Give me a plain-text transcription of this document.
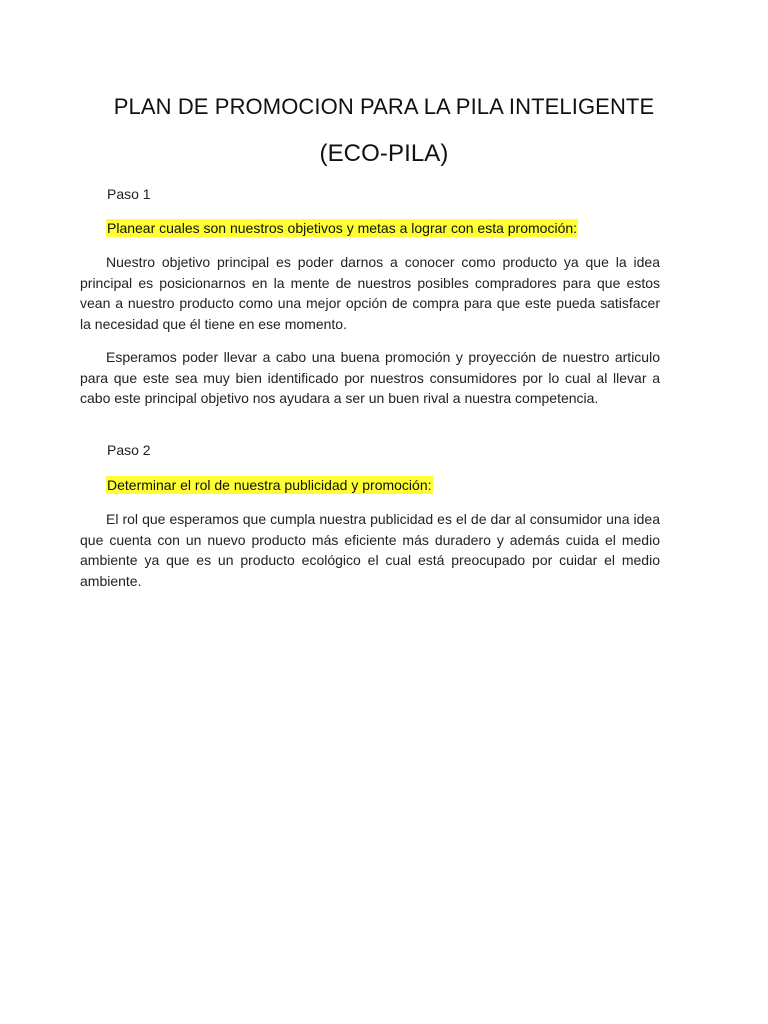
PLAN DE PROMOCION PARA LA PILA INTELIGENTE
(ECO-PILA)
Paso 1
Planear cuales son nuestros objetivos y metas a lograr con esta promoción:
Nuestro objetivo principal es poder darnos a conocer como producto ya que la idea principal es posicionarnos en la mente de nuestros posibles compradores para que estos vean a nuestro producto como una mejor opción de compra para que este pueda satisfacer la necesidad que él tiene en ese momento.
Esperamos poder llevar a cabo una buena promoción y proyección de nuestro articulo para que este sea muy bien identificado por nuestros consumidores por lo cual al llevar a cabo este principal objetivo nos ayudara a ser un buen rival a nuestra competencia.
Paso 2
Determinar el rol de nuestra publicidad y promoción:
El rol que esperamos que cumpla nuestra publicidad es el de dar al consumidor una idea que cuenta con un nuevo producto más eficiente más duradero y además cuida el medio ambiente ya que es un producto ecológico el cual está preocupado por cuidar el medio ambiente.
